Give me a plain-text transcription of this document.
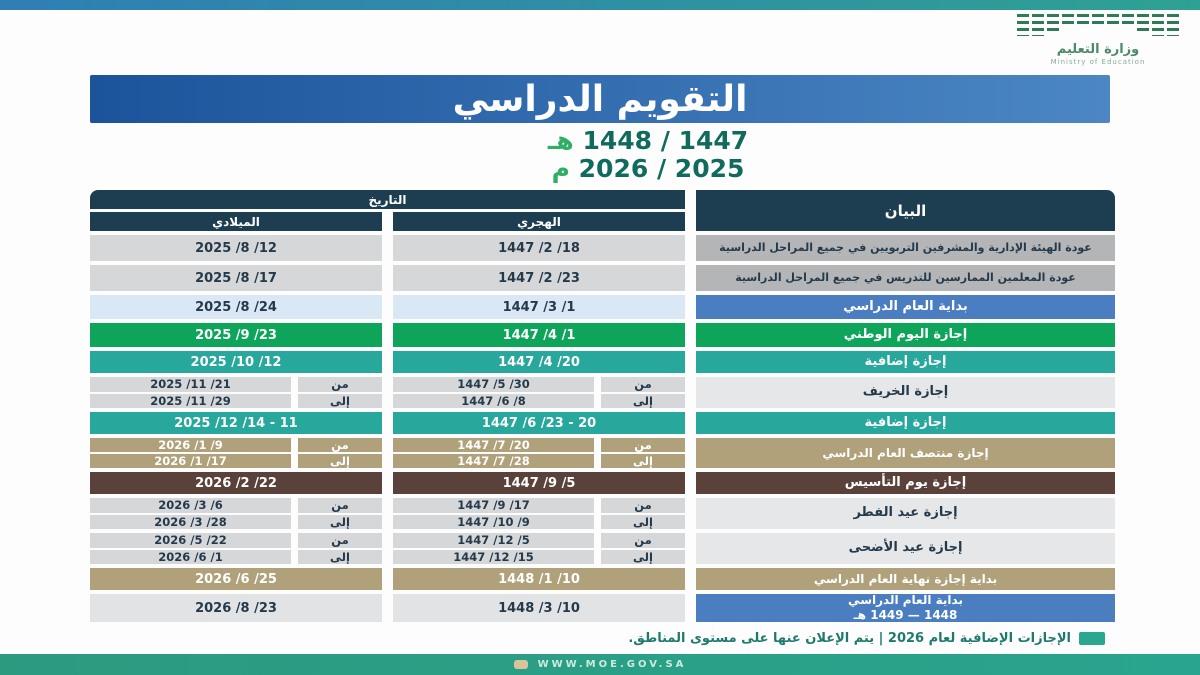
وزارة التعليم
Ministry of Education
التقويم الدراسي
1447 / 1448 هـ
2025 / 2026 م
البيان
التاريخ
الهجري
الميلادي
عودة الهيئة الإدارية والمشرفين التربويين في جميع المراحل الدراسية
1447 /2 /18
2025 /8 /12
عودة المعلمين الممارسين للتدريس في جميع المراحل الدراسية
1447 /2 /23
2025 /8 /17
بداية العام الدراسي
1447 /3 /1
2025 /8 /24
إجازة اليوم الوطني
1447 /4 /1
2025 /9 /23
إجازة إضافية
1447 /4 /20
2025 /10 /12
إجازة الخريف
من
1447 /5 /30
إلى
1447 /6 /8
من
2025 /11 /21
إلى
2025 /11 /29
إجازة إضافية
1447 /6 /23 - 20
2025 /12 /14 - 11
إجازة منتصف العام الدراسي
من
1447 /7 /20
إلى
1447 /7 /28
من
2026 /1 /9
إلى
2026 /1 /17
إجازة يوم التأسيس
1447 /9 /5
2026 /2 /22
إجازة عيد الفطر
من
1447 /9 /17
إلى
1447 /10 /9
من
2026 /3 /6
إلى
2026 /3 /28
إجازة عيد الأضحى
من
1447 /12 /5
إلى
1447 /12 /15
من
2026 /5 /22
إلى
2026 /6 /1
بداية إجازة نهاية العام الدراسي
1448 /1 /10
2026 /6 /25
بداية العام الدراسي
1448 — 1449 هـ
1448 /3 /10
2026 /8 /23
الإجازات الإضافية لعام 2026 | يتم الإعلان عنها على مستوى المناطق.
WWW.MOE.GOV.SA
